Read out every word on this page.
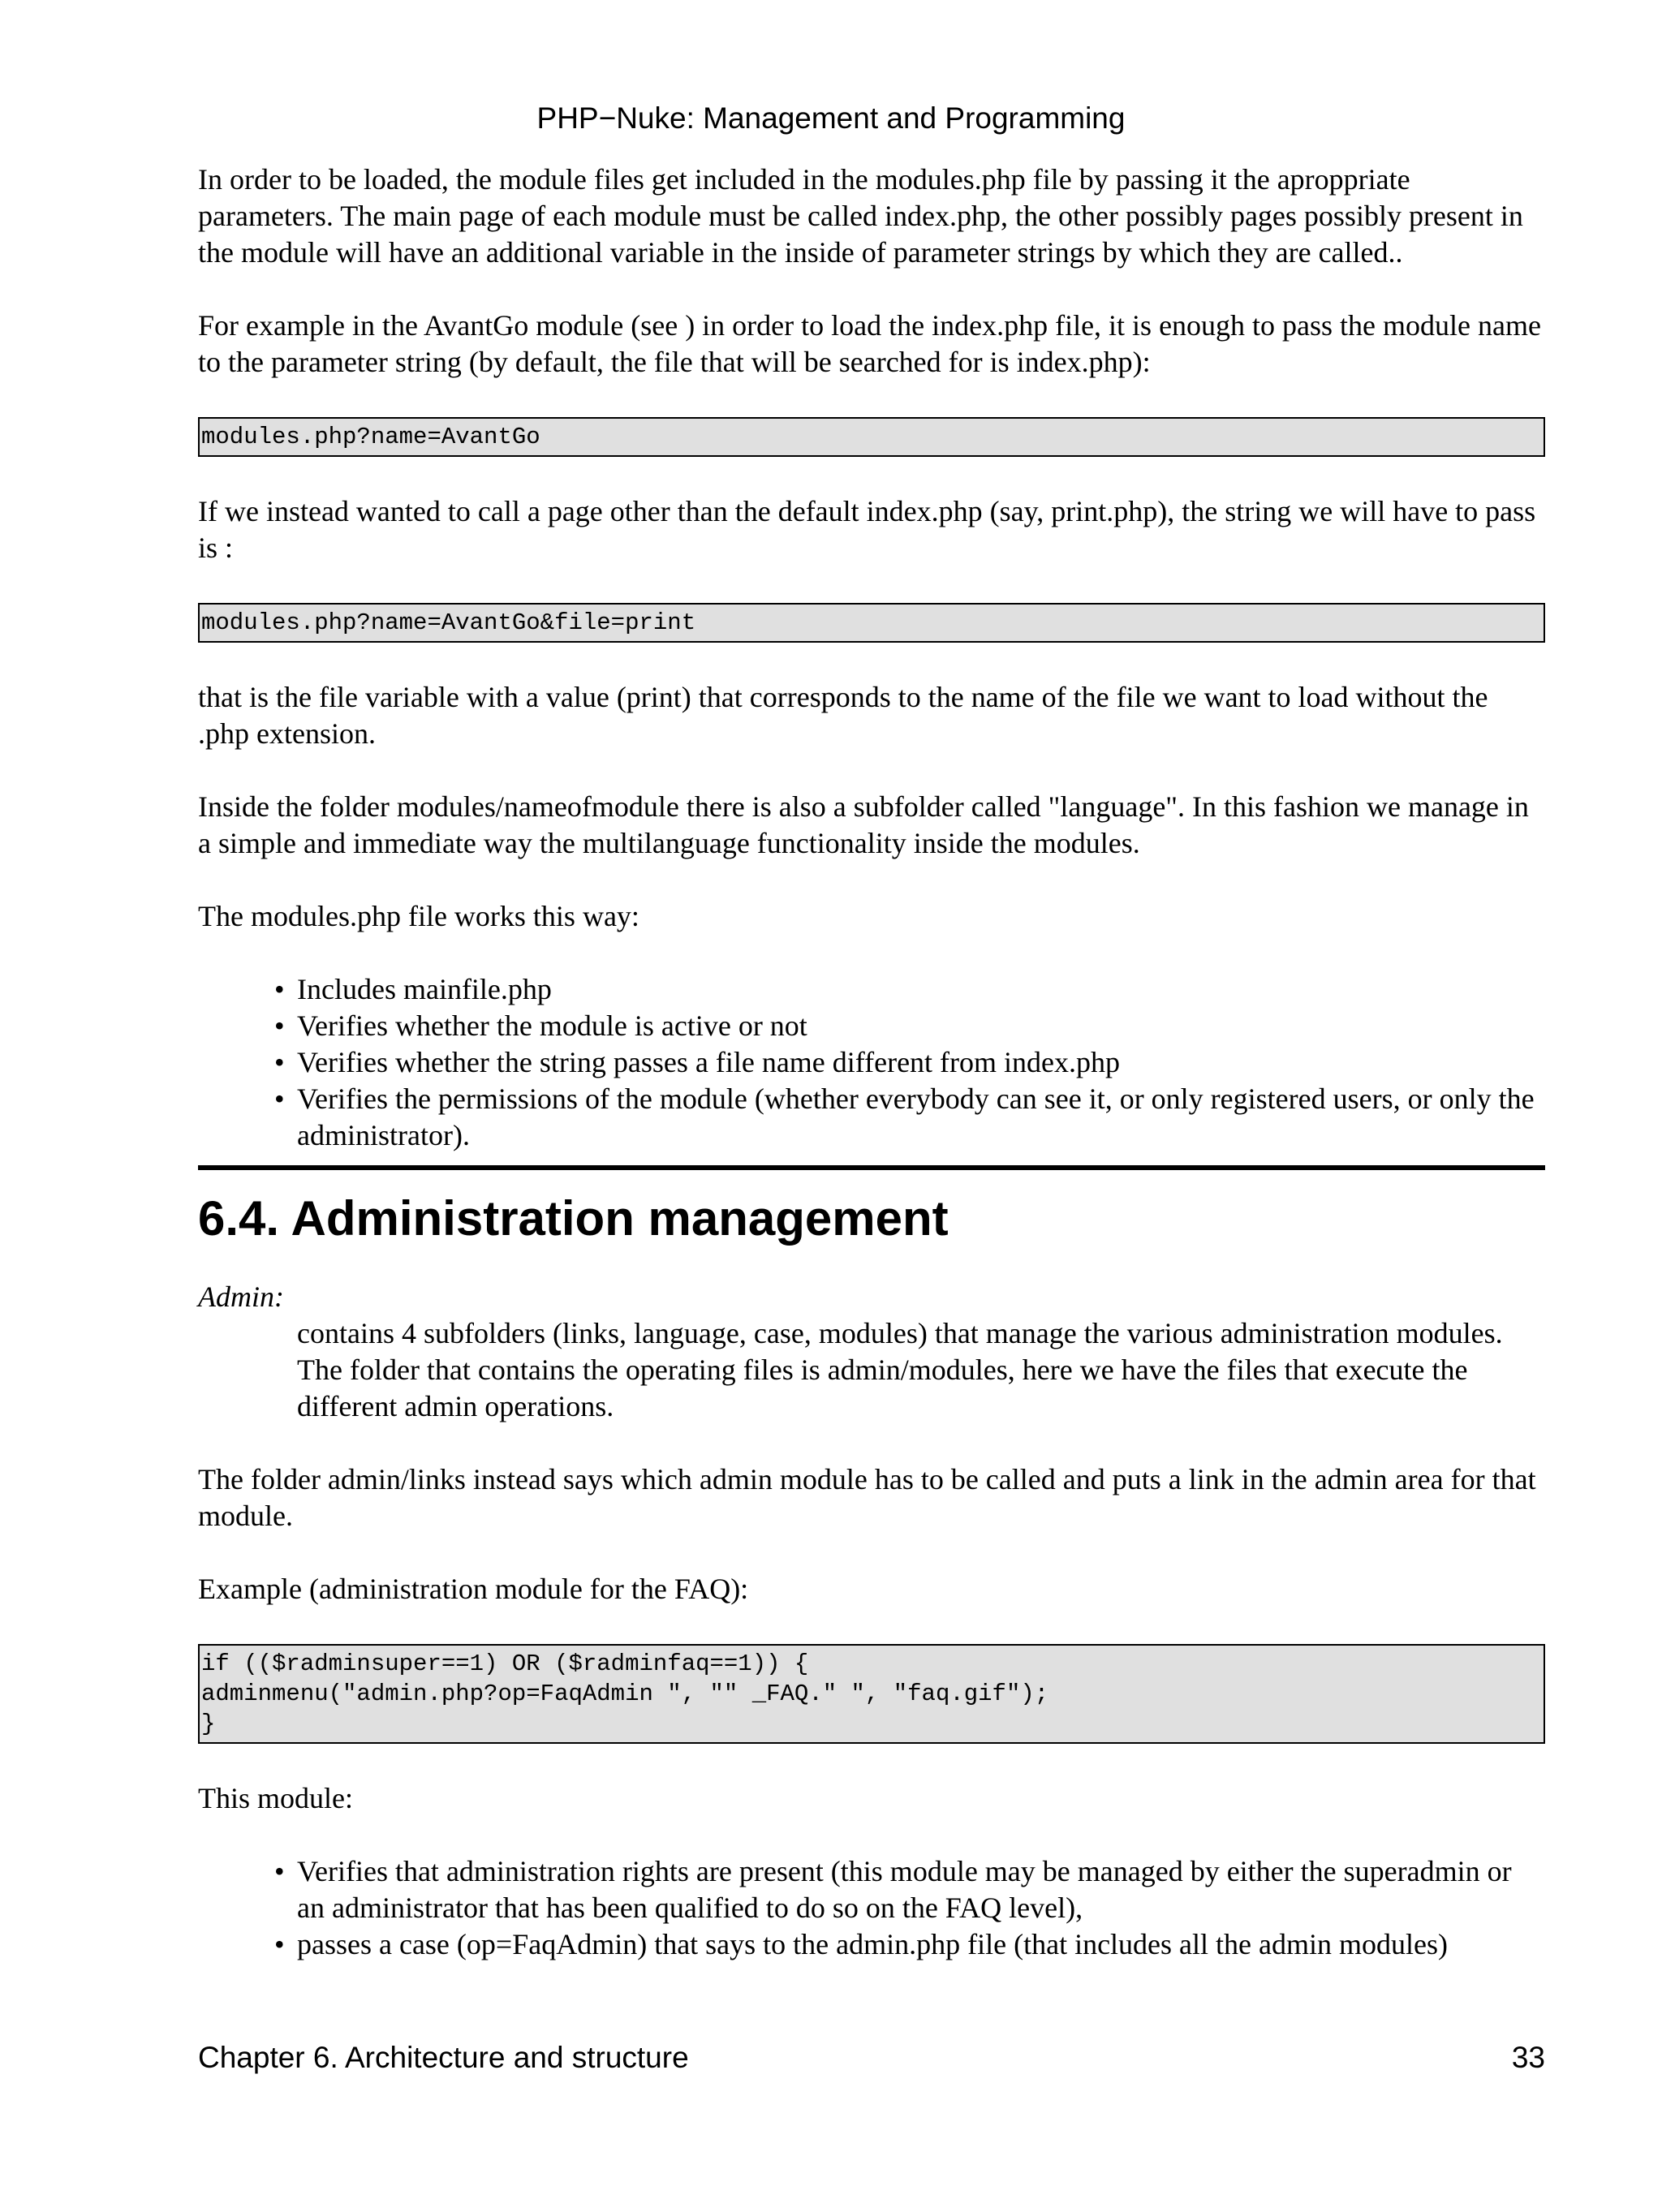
PHP−Nuke: Management and Programming

In order to be loaded, the module files get included in the modules.php file by passing it the aproppriate parameters. The main page of each module must be called index.php, the other possibly pages possibly present in the module will have an additional variable in the inside of parameter strings by which they are called..

For example in the AvantGo module (see ) in order to load the index.php file, it is enough to pass the module name to the parameter string (by default, the file that will be searched for is index.php):

modules.php?name=AvantGo

If we instead wanted to call a page other than the default index.php (say, print.php), the string we will have to pass is :

modules.php?name=AvantGo&file=print

that is the file variable with a value (print) that corresponds to the name of the file we want to load without the .php extension.

Inside the folder modules/nameofmodule there is also a subfolder called "language". In this fashion we manage in a simple and immediate way the multilanguage functionality inside the modules.

The modules.php file works this way:

• Includes mainfile.php
• Verifies whether the module is active or not
• Verifies whether the string passes a file name different from index.php
• Verifies the permissions of the module (whether everybody can see it, or only registered users, or only the administrator).
6.4. Administration management
Admin:
contains 4 subfolders (links, language, case, modules) that manage the various administration modules. The folder that contains the operating files is admin/modules, here we have the files that execute the different admin operations.

The folder admin/links instead says which admin module has to be called and puts a link in the admin area for that module.

Example (administration module for the FAQ):

if (($radminsuper==1) OR ($radminfaq==1)) {
adminmenu("admin.php?op=FaqAdmin ", "" _FAQ." ", "faq.gif");
}

This module:

• Verifies that administration rights are present (this module may be managed by either the superadmin or an administrator that has been qualified to do so on the FAQ level),
• passes a case (op=FaqAdmin) that says to the admin.php file (that includes all the admin modules)
Chapter 6. Architecture and structure	33
